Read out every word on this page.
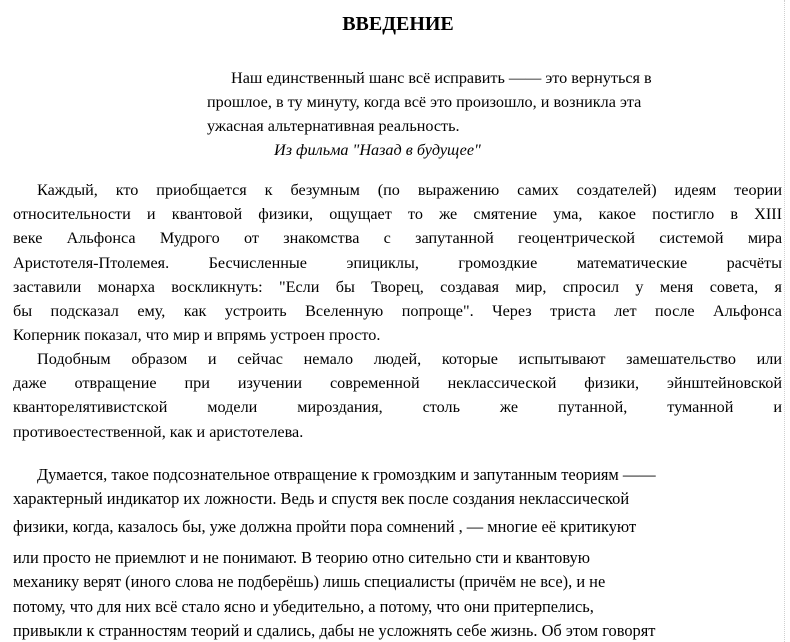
ВВЕДЕНИЕ
Наш единственный шанс всё исправить —— это вернуться в
прошлое, в ту минуту, когда всё это произошло, и возникла эта
ужасная альтернативная реальность.
Из фильма "Назад в будущее"
Каждый, кто приобщается к безумным (по выражению самих создателей) идеям теории
относительности и квантовой физики, ощущает то же смятение ума, какое постигло в XIII
веке Альфонса Мудрого от знакомства с запутанной геоцентрической системой мира
Аристотеля-Птолемея. Бесчисленные эпициклы, громоздкие математические расчёты
заставили монарха воскликнуть: "Если бы Творец, создавая мир, спросил у меня совета, я
бы подсказал ему, как устроить Вселенную попроще". Через триста лет после Альфонса
Коперник показал, что мир и впрямь устроен просто.
Подобным образом и сейчас немало людей, которые испытывают замешательство или
даже отвращение при изучении современной неклассической физики, эйнштейновской
кванторелятивистской модели мироздания, столь же путанной, туманной и
противоестественной, как и аристотелева.
Думается, такое подсознательное отвращение к громоздким и запутанным теориям ——
характерный индикатор их ложности. Ведь и спустя век после создания неклассической
физики, когда, казалось бы, уже должна пройти пора сомнений , — многие её критикуют
или просто не приемлют и не понимают. В теорию отно сительно сти и квантовую
механику верят (иного слова не подберёшь) лишь специалисты (причём не все), и не
потому, что для них всё стало ясно и убедительно, а потому, что они притерпелись,
привыкли к странностям теорий и сдались, дабы не усложнять себе жизнь. Об этом говорят
